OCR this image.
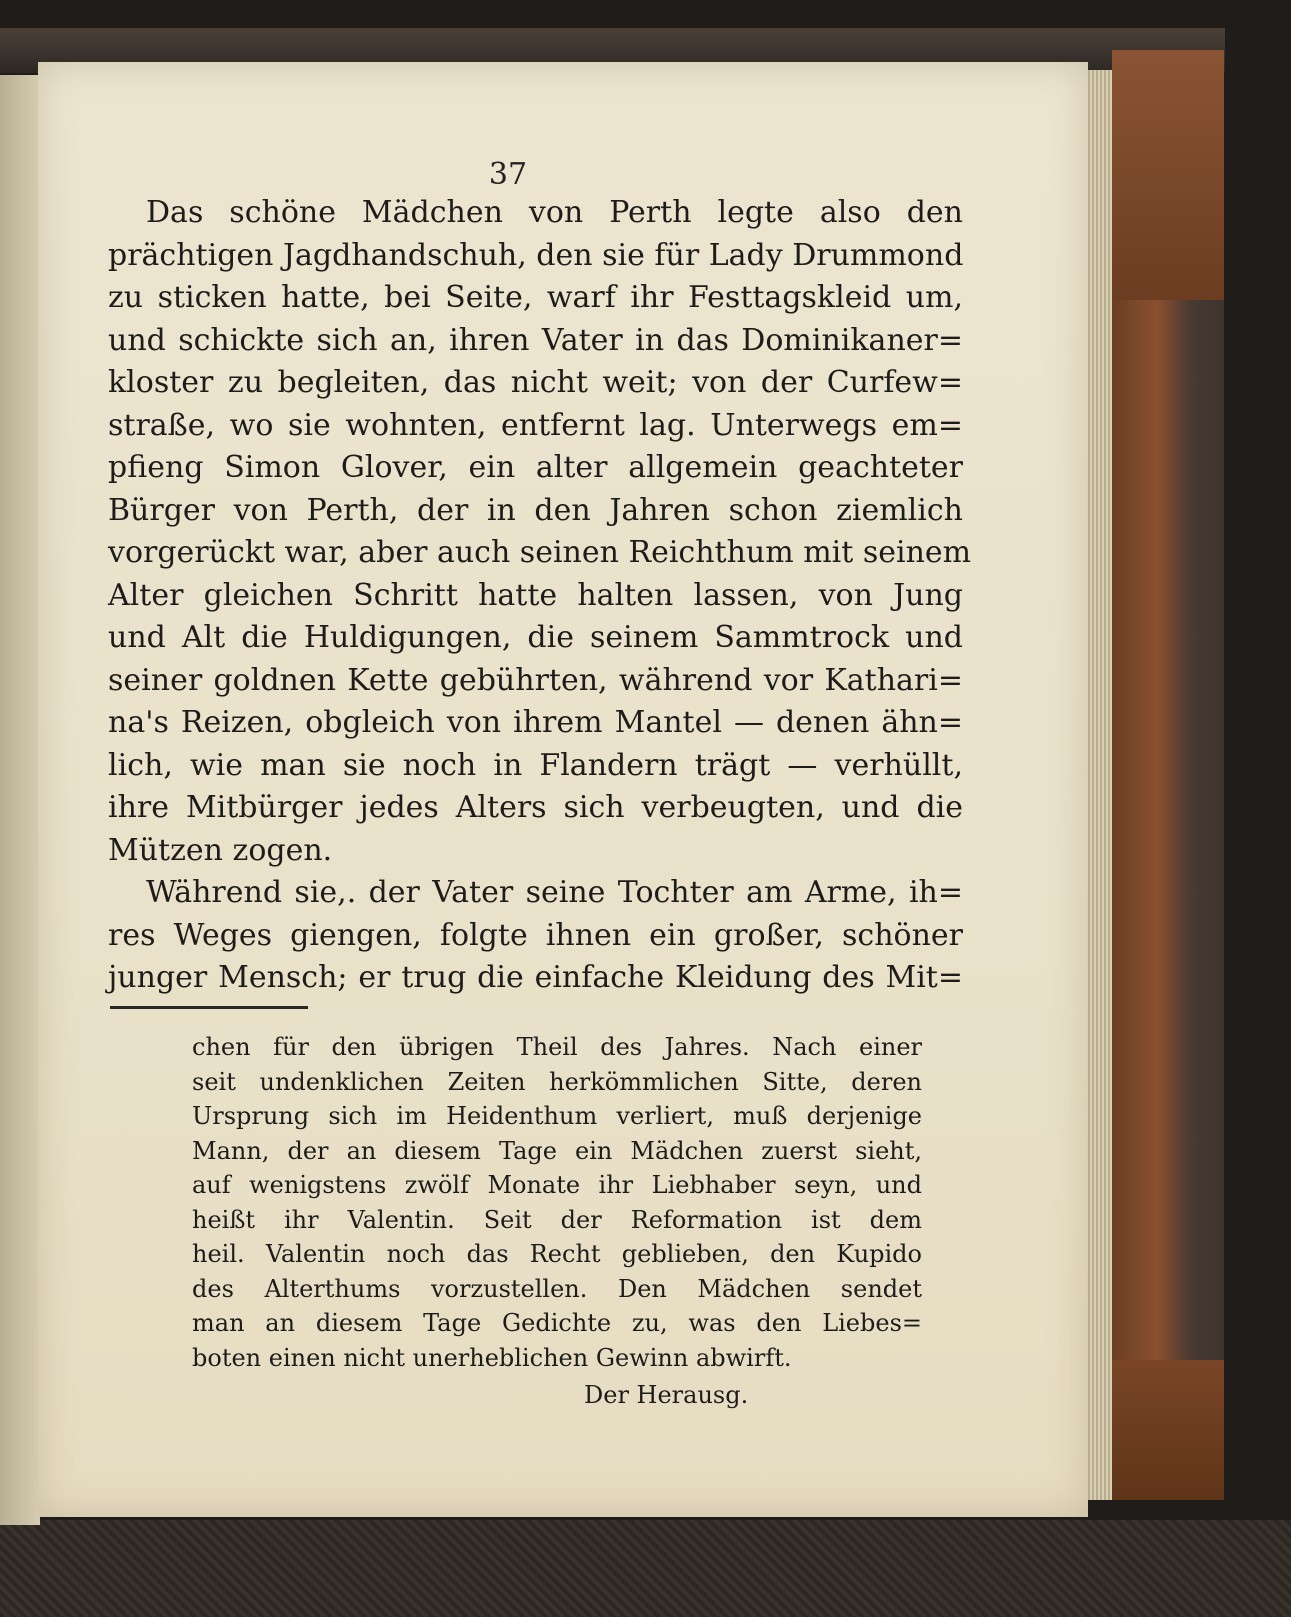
37
Das schöne Mädchen von Perth legte also den
prächtigen Jagdhandschuh, den sie für Lady Drummond
zu sticken hatte, bei Seite, warf ihr Festtagskleid um,
und schickte sich an, ihren Vater in das Dominikaner=
kloster zu begleiten, das nicht weit; von der Curfew=
straße, wo sie wohnten, entfernt lag. Unterwegs em=
pfieng Simon Glover, ein alter allgemein geachteter
Bürger von Perth, der in den Jahren schon ziemlich
vorgerückt war, aber auch seinen Reichthum mit seinem
Alter gleichen Schritt hatte halten lassen, von Jung
und Alt die Huldigungen, die seinem Sammtrock und
seiner goldnen Kette gebührten, während vor Kathari=
na's Reizen, obgleich von ihrem Mantel — denen ähn=
lich, wie man sie noch in Flandern trägt — verhüllt,
ihre Mitbürger jedes Alters sich verbeugten, und die
Mützen zogen.
Während sie,. der Vater seine Tochter am Arme, ih=
res Weges giengen, folgte ihnen ein großer, schöner
junger Mensch; er trug die einfache Kleidung des Mit=
chen für den übrigen Theil des Jahres. Nach einer
seit undenklichen Zeiten herkömmlichen Sitte, deren
Ursprung sich im Heidenthum verliert, muß derjenige
Mann, der an diesem Tage ein Mädchen zuerst sieht,
auf wenigstens zwölf Monate ihr Liebhaber seyn, und
heißt ihr Valentin. Seit der Reformation ist dem
heil. Valentin noch das Recht geblieben, den Kupido
des Alterthums vorzustellen. Den Mädchen sendet
man an diesem Tage Gedichte zu, was den Liebes=
boten einen nicht unerheblichen Gewinn abwirft.
Der Herausg.
